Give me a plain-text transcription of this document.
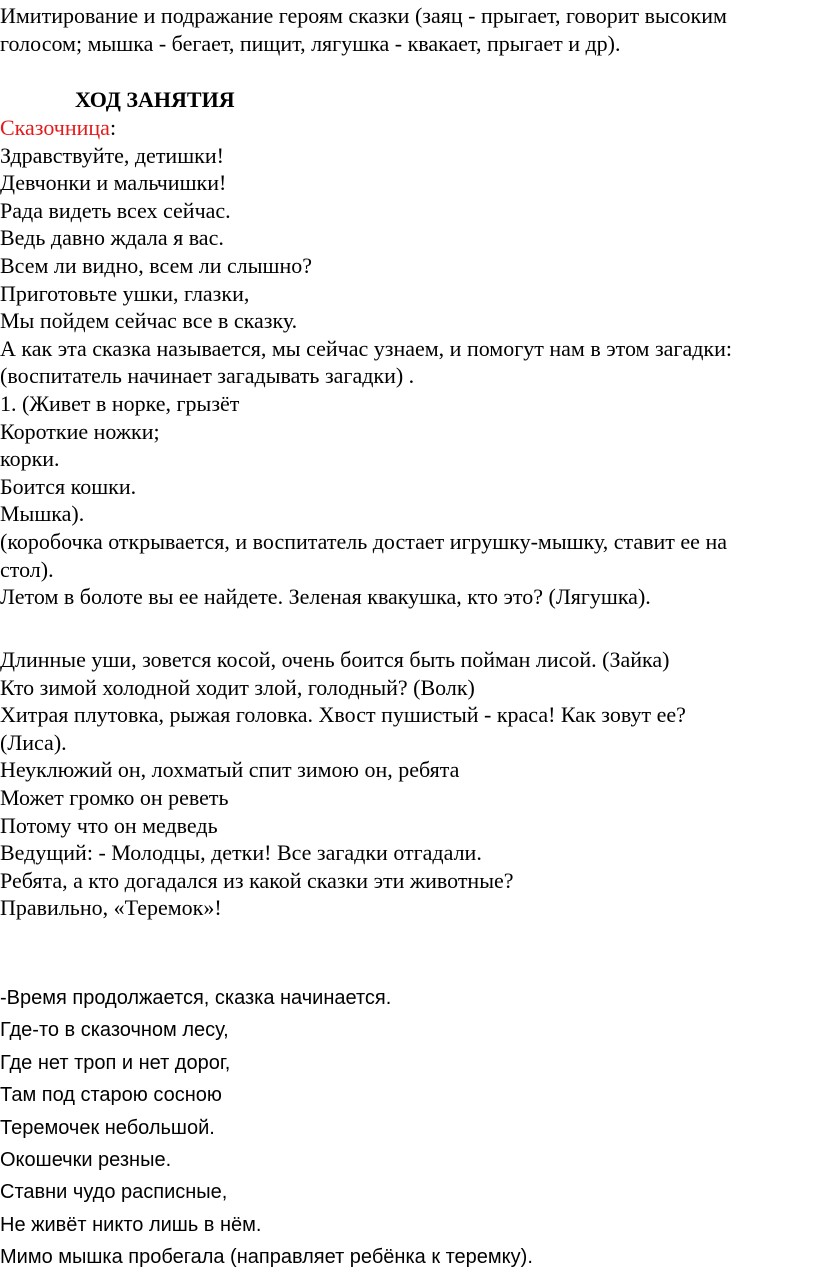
Имитирование и подражание героям сказки (заяц - прыгает, говорит высоким
голосом; мышка - бегает, пищит, лягушка - квакает, прыгает и др).
ХОД ЗАНЯТИЯ
Сказочница:
Здравствуйте, детишки!
Девчонки и мальчишки!
Рада видеть всех сейчас.
Ведь давно ждала я вас.
Всем ли видно, всем ли слышно?
Приготовьте ушки, глазки,
Мы пойдем сейчас все в сказку.
А как эта сказка называется, мы сейчас узнаем, и помогут нам в этом загадки:
(воспитатель начинает загадывать загадки) .
1. (Живет в норке, грызёт
Короткие ножки;
корки.
Боится кошки.
Мышка).
(коробочка открывается, и воспитатель достает игрушку-мышку, ставит ее на
стол).
Летом в болоте вы ее найдете. Зеленая квакушка, кто это? (Лягушка).
Длинные уши, зовется косой, очень боится быть пойман лисой. (Зайка)
Кто зимой холодной ходит злой, голодный? (Волк)
Хитрая плутовка, рыжая головка. Хвост пушистый - краса! Как зовут ее?
(Лиса).
Неуклюжий он, лохматый спит зимою он, ребята
Может громко он реветь
Потому что он медведь
Ведущий: - Молодцы, детки! Все загадки отгадали.
Ребята, а кто догадался из какой сказки эти животные?
Правильно, «Теремок»!
-Время продолжается, сказка начинается.
Где-то в сказочном лесу,
Где нет троп и нет дорог,
Там под старою сосною
Теремочек небольшой.
Окошечки резные.
Ставни чудо расписные,
Не живёт никто лишь в нём.
Мимо мышка пробегала (направляет ребёнка к теремку).
